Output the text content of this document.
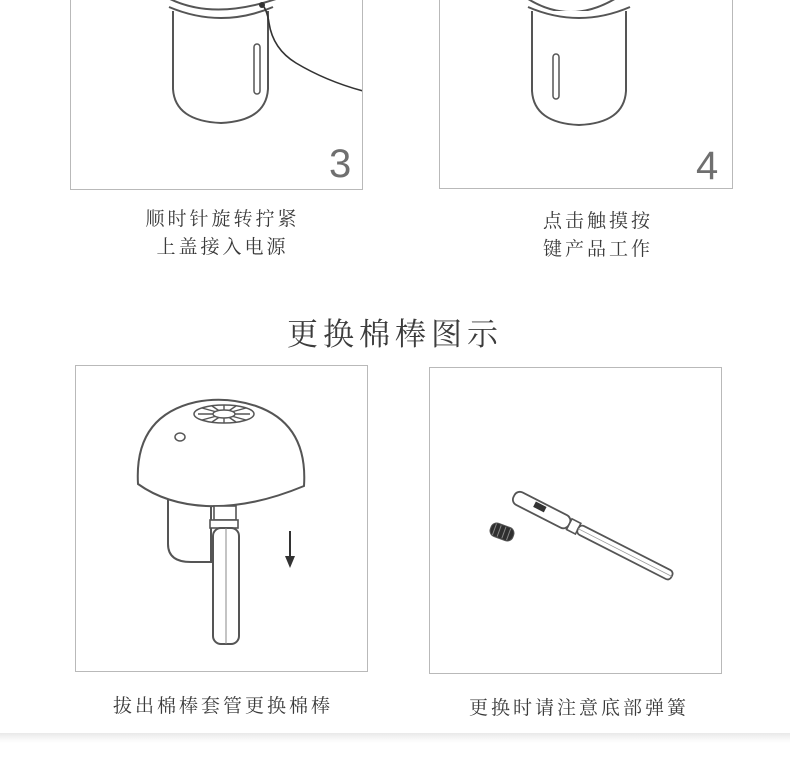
3
顺时针旋转拧紧
上盖接入电源
4
点击触摸按
键产品工作
更换棉棒图示
拔出棉棒套管更换棉棒	更换时请注意底部弹簧
